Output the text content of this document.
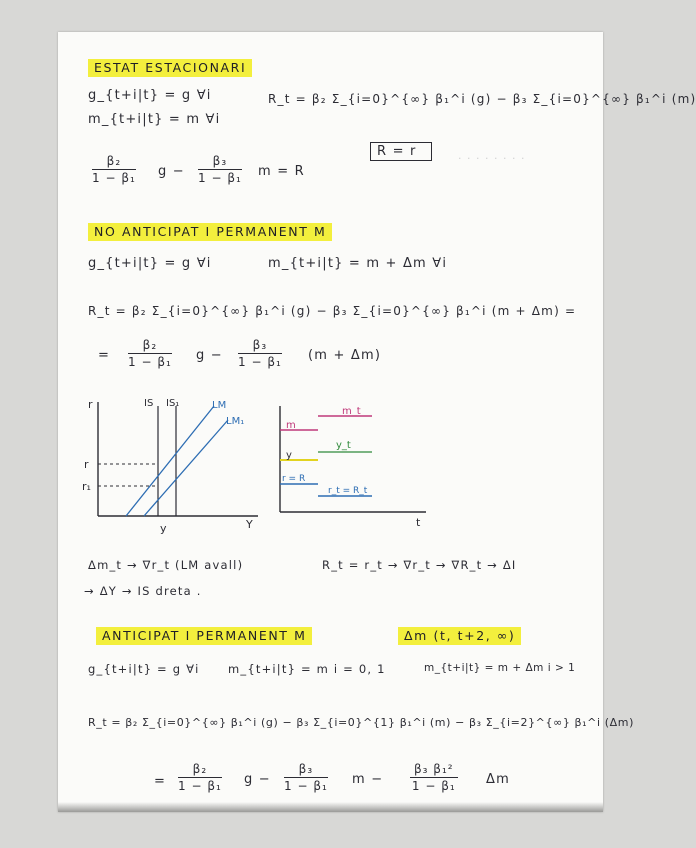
· · · · · · · ·
ESTAT ESTACIONARI
g_{t+i|t} = g ∀i
m_{t+i|t} = m ∀i
R_t = β₂ Σ_{i=0}^{∞} β₁^i (g) − β₃ Σ_{i=0}^{∞} β₁^i (m)
β₂
1 − β₁ g −
β₃
1 − β₁ m = R
R = r
NO ANTICIPAT I PERMANENT M
g_{t+i|t} = g ∀i	m_{t+i|t} = m + Δm ∀i
R_t = β₂ Σ_{i=0}^{∞} β₁^i (g) − β₃ Σ_{i=0}^{∞} β₁^i (m + Δm) =
=
β₂
1 − β₁ g −
β₃
1 − β₁ (m + Δm)
r	IS IS₁	LM
LM₁
r
r₁
y	Y
m_t
m
y_t
y
r = R
r_t = R_t
t
Δm_t → ∇r_t (LM avall)	R_t = r_t → ∇r_t → ∇R_t → ΔI
→ ΔY → IS dreta .
ANTICIPAT I PERMANENT M	Δm (t, t+2, ∞)
g_{t+i|t} = g ∀i m_{t+i|t} = m i = 0, 1	m_{t+i|t} = m + Δm i > 1
R_t = β₂ Σ_{i=0}^{∞} β₁^i (g) − β₃ Σ_{i=0}^{1} β₁^i (m) − β₃ Σ_{i=2}^{∞} β₁^i (Δm)
=
β₂
1 − β₁ g −
β₃
1 − β₁ m −
β₃ β₁²
1 − β₁ Δm
